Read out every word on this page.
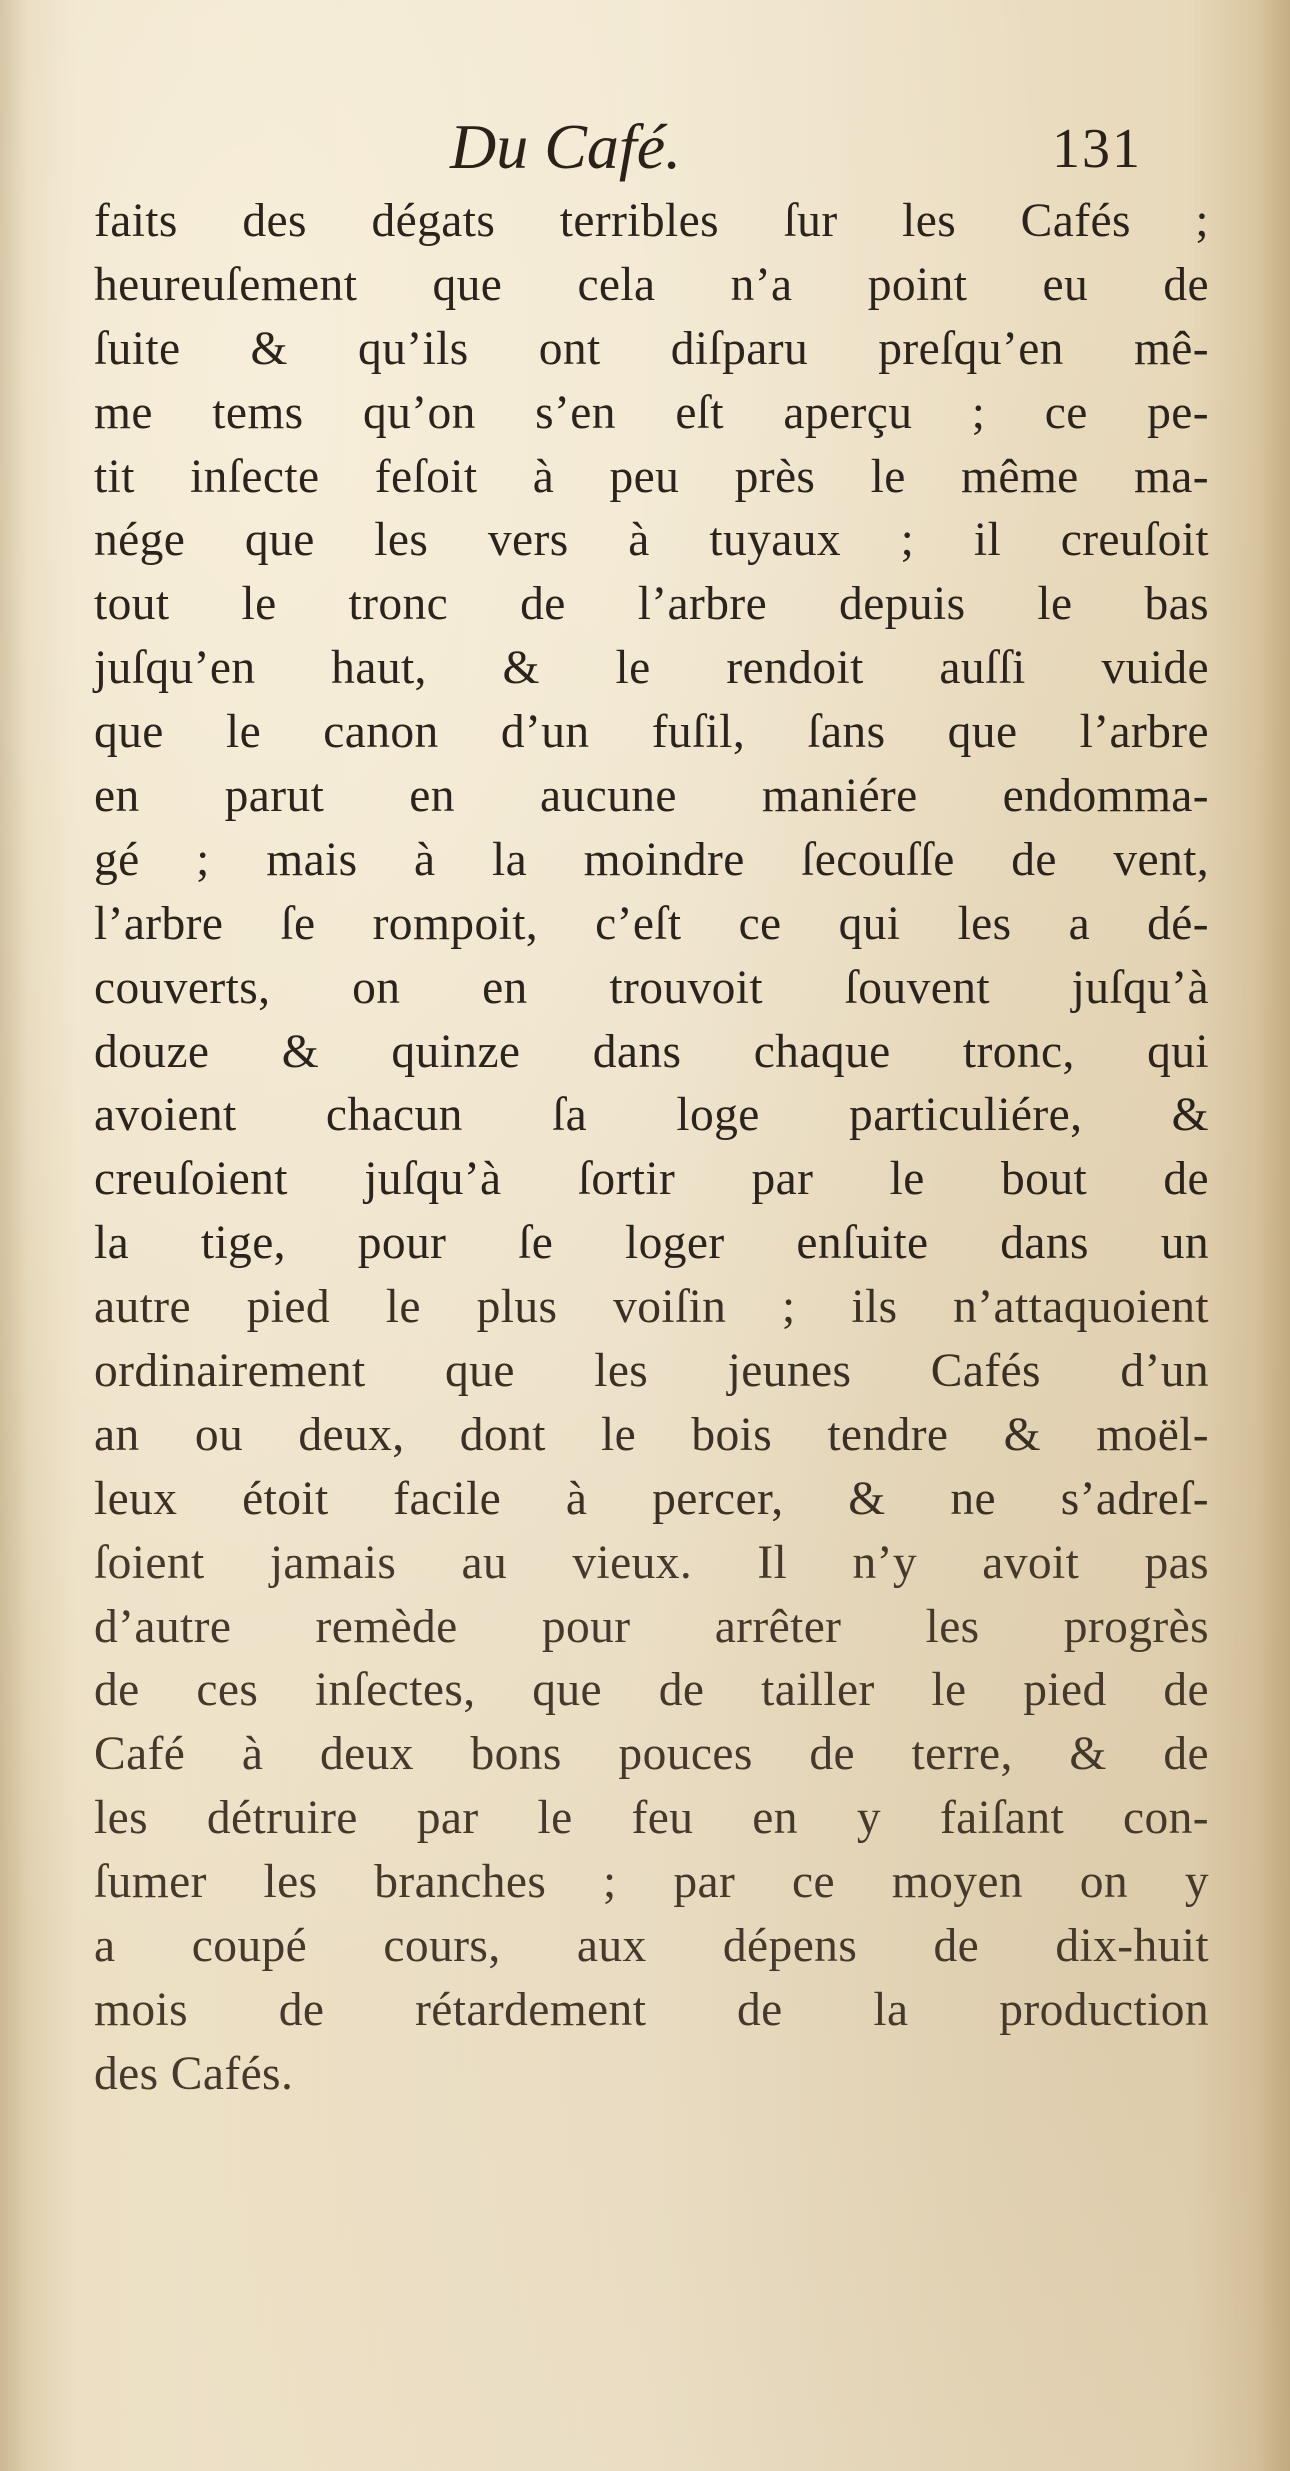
Du Café.	131
faits des dégats terribles ſur les Cafés ;
heureuſement que cela n’a point eu de
ſuite & qu’ils ont diſparu preſqu’en mê-
me tems qu’on s’en eſt aperçu ; ce pe-
tit inſecte feſoit à peu près le même ma-
nége que les vers à tuyaux ; il creuſoit
tout le tronc de l’arbre depuis le bas
juſqu’en haut, & le rendoit auſſi vuide
que le canon d’un fuſil, ſans que l’arbre
en parut en aucune maniére endomma-
gé ; mais à la moindre ſecouſſe de vent,
l’arbre ſe rompoit, c’eſt ce qui les a dé-
couverts, on en trouvoit ſouvent juſqu’à
douze & quinze dans chaque tronc, qui
avoient chacun ſa loge particuliére, &
creuſoient juſqu’à ſortir par le bout de
la tige, pour ſe loger enſuite dans un
autre pied le plus voiſin ; ils n’attaquoient
ordinairement que les jeunes Cafés d’un
an ou deux, dont le bois tendre & moël-
leux étoit facile à percer, & ne s’adreſ-
ſoient jamais au vieux. Il n’y avoit pas
d’autre remède pour arrêter les progrès
de ces inſectes, que de tailler le pied de
Café à deux bons pouces de terre, & de
les détruire par le feu en y faiſant con-
ſumer les branches ; par ce moyen on y
a coupé cours, aux dépens de dix-huit
mois de rétardement de la production
des Cafés.
